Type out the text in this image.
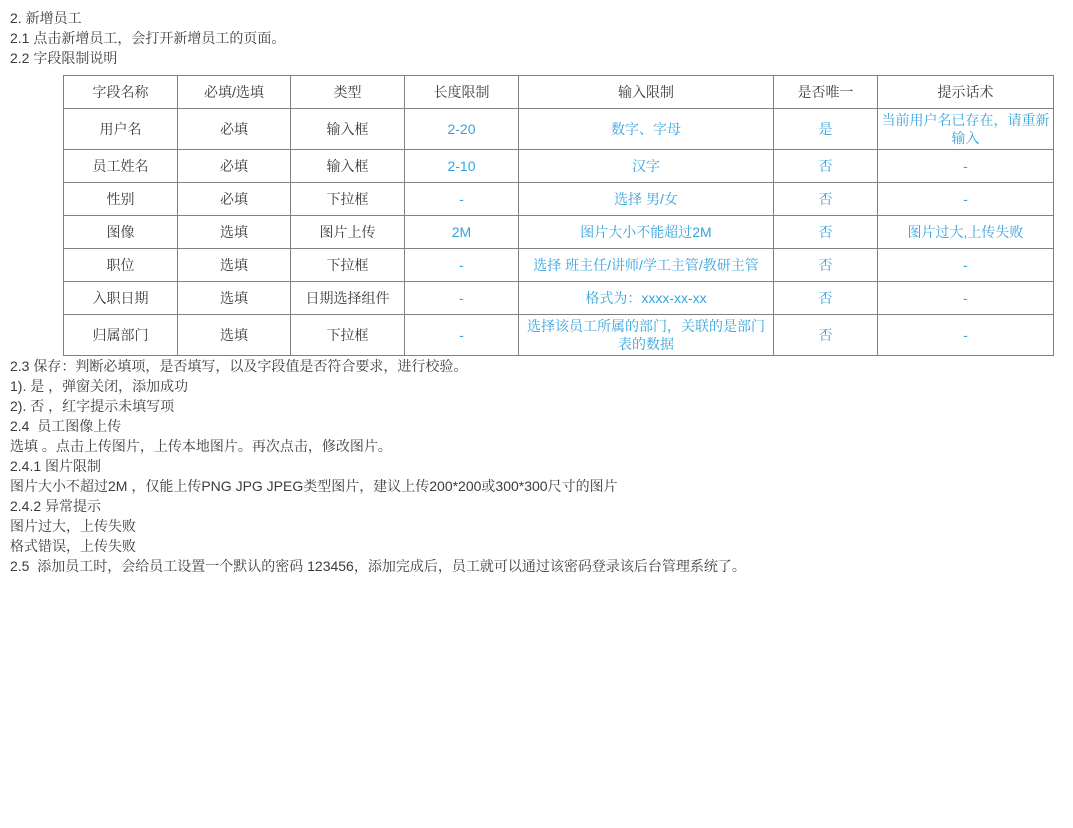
2. 新增员工

2.1 点击新增员工，会打开新增员工的页面。

2.2 字段限制说明

字段名称	必填/选填	类型	长度限制	输入限制	是否唯一	提示话术
用户名	必填	输入框	2-20	数字、字母	是	当前用户名已存在，请重新输入
员工姓名	必填	输入框	2-10	汉字	否	-
性别	必填	下拉框	-	选择 男/女	否	-
图像	选填	图片上传	2M	图片大小不能超过2M	否	图片过大,上传失败
职位	选填	下拉框	-	选择 班主任/讲师/学工主管/教研主管	否	-
入职日期	选填	日期选择组件	-	格式为：xxxx-xx-xx	否	-
归属部门	选填	下拉框	-	选择该员工所属的部门，关联的是部门表的数据	否	-

2.3 保存：判断必填项，是否填写，以及字段值是否符合要求，进行校验。

1). 是 ，弹窗关闭，添加成功

2). 否 ，红字提示未填写项

2.4  员工图像上传

选填 。点击上传图片，上传本地图片。再次点击，修改图片。

2.4.1 图片限制

图片大小不超过2M ，仅能上传PNG JPG JPEG类型图片，建议上传200*200或300*300尺寸的图片

2.4.2 异常提示

图片过大，上传失败

格式错误，上传失败

2.5  添加员工时，会给员工设置一个默认的密码 123456，添加完成后，员工就可以通过该密码登录该后台管理系统了。
